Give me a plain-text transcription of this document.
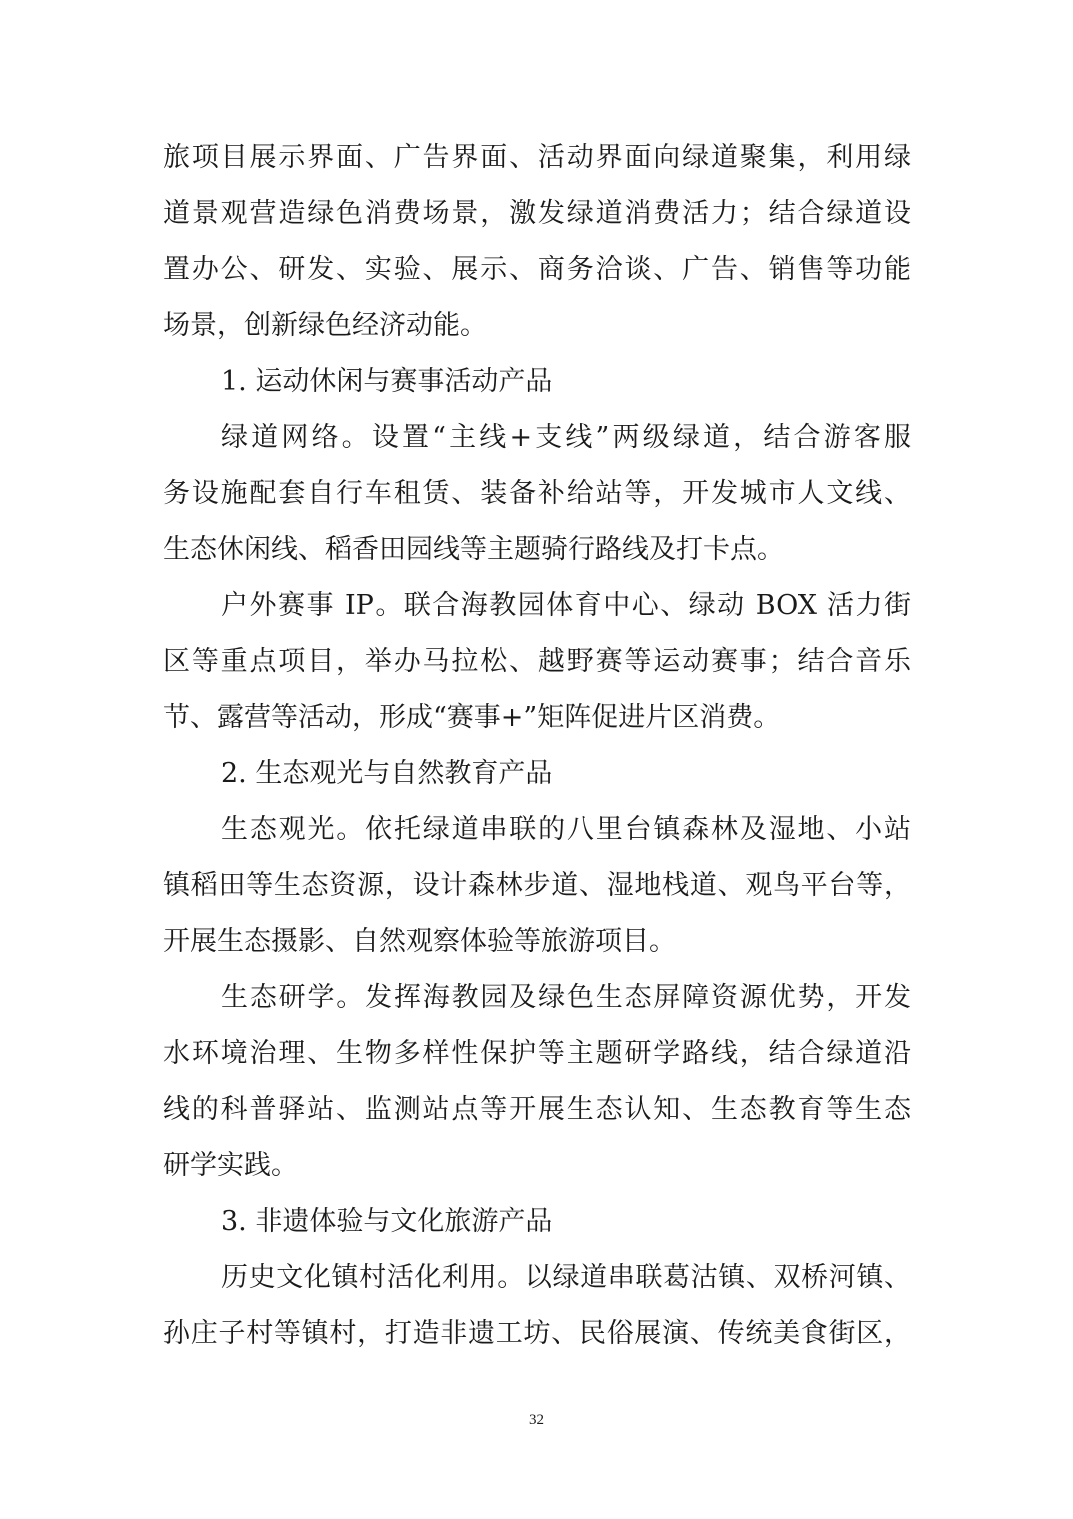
旅项目展示界面、广告界面、活动界面向绿道聚集，利用绿
道景观营造绿色消费场景，激发绿道消费活力；结合绿道设
置办公、研发、实验、展示、商务洽谈、广告、销售等功能
场景，创新绿色经济动能。
1. 运动休闲与赛事活动产品
绿道网络。设置“主线+支线”两级绿道，结合游客服
务设施配套自行车租赁、装备补给站等，开发城市人文线、
生态休闲线、稻香田园线等主题骑行路线及打卡点。
户外赛事 IP。联合海教园体育中心、绿动 BOX 活力街
区等重点项目，举办马拉松、越野赛等运动赛事；结合音乐
节、露营等活动，形成“赛事+”矩阵促进片区消费。
2. 生态观光与自然教育产品
生态观光。依托绿道串联的八里台镇森林及湿地、小站
镇稻田等生态资源，设计森林步道、湿地栈道、观鸟平台等，
开展生态摄影、自然观察体验等旅游项目。
生态研学。发挥海教园及绿色生态屏障资源优势，开发
水环境治理、生物多样性保护等主题研学路线，结合绿道沿
线的科普驿站、监测站点等开展生态认知、生态教育等生态
研学实践。
3. 非遗体验与文化旅游产品
历史文化镇村活化利用。以绿道串联葛沽镇、双桥河镇、
孙庄子村等镇村，打造非遗工坊、民俗展演、传统美食街区，
32
